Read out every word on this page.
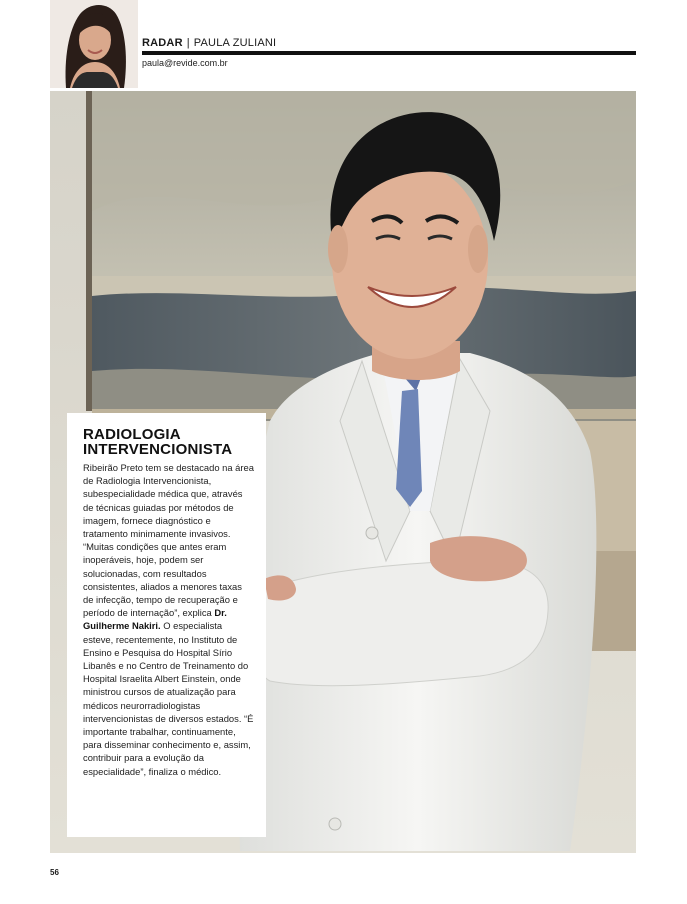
RADAR | PAULA ZULIANI
paula@revide.com.br
RADIOLOGIA
INTERVENCIONISTA

Ribeirão Preto tem se destacado na área de Radiologia Intervencionista, subespecialidade médica que, através de técnicas guiadas por métodos de imagem, fornece diagnóstico e tratamento minimamente invasivos. “Muitas condições que antes eram inoperáveis, hoje, podem ser solucionadas, com resultados consistentes, aliados a menores taxas de infecção, tempo de recuperação e período de internação”, explica Dr. Guilherme Nakiri. O especialista esteve, recentemente, no Instituto de Ensino e Pesquisa do Hospital Sírio Libanês e no Centro de Treinamento do Hospital Israelita Albert Einstein, onde ministrou cursos de atualização para médicos neurorradiologistas intervencionistas de diversos estados. “É importante trabalhar, continuamente, para disseminar conhecimento e, assim, contribuir para a evolução da especialidade”, finaliza o médico.

56
